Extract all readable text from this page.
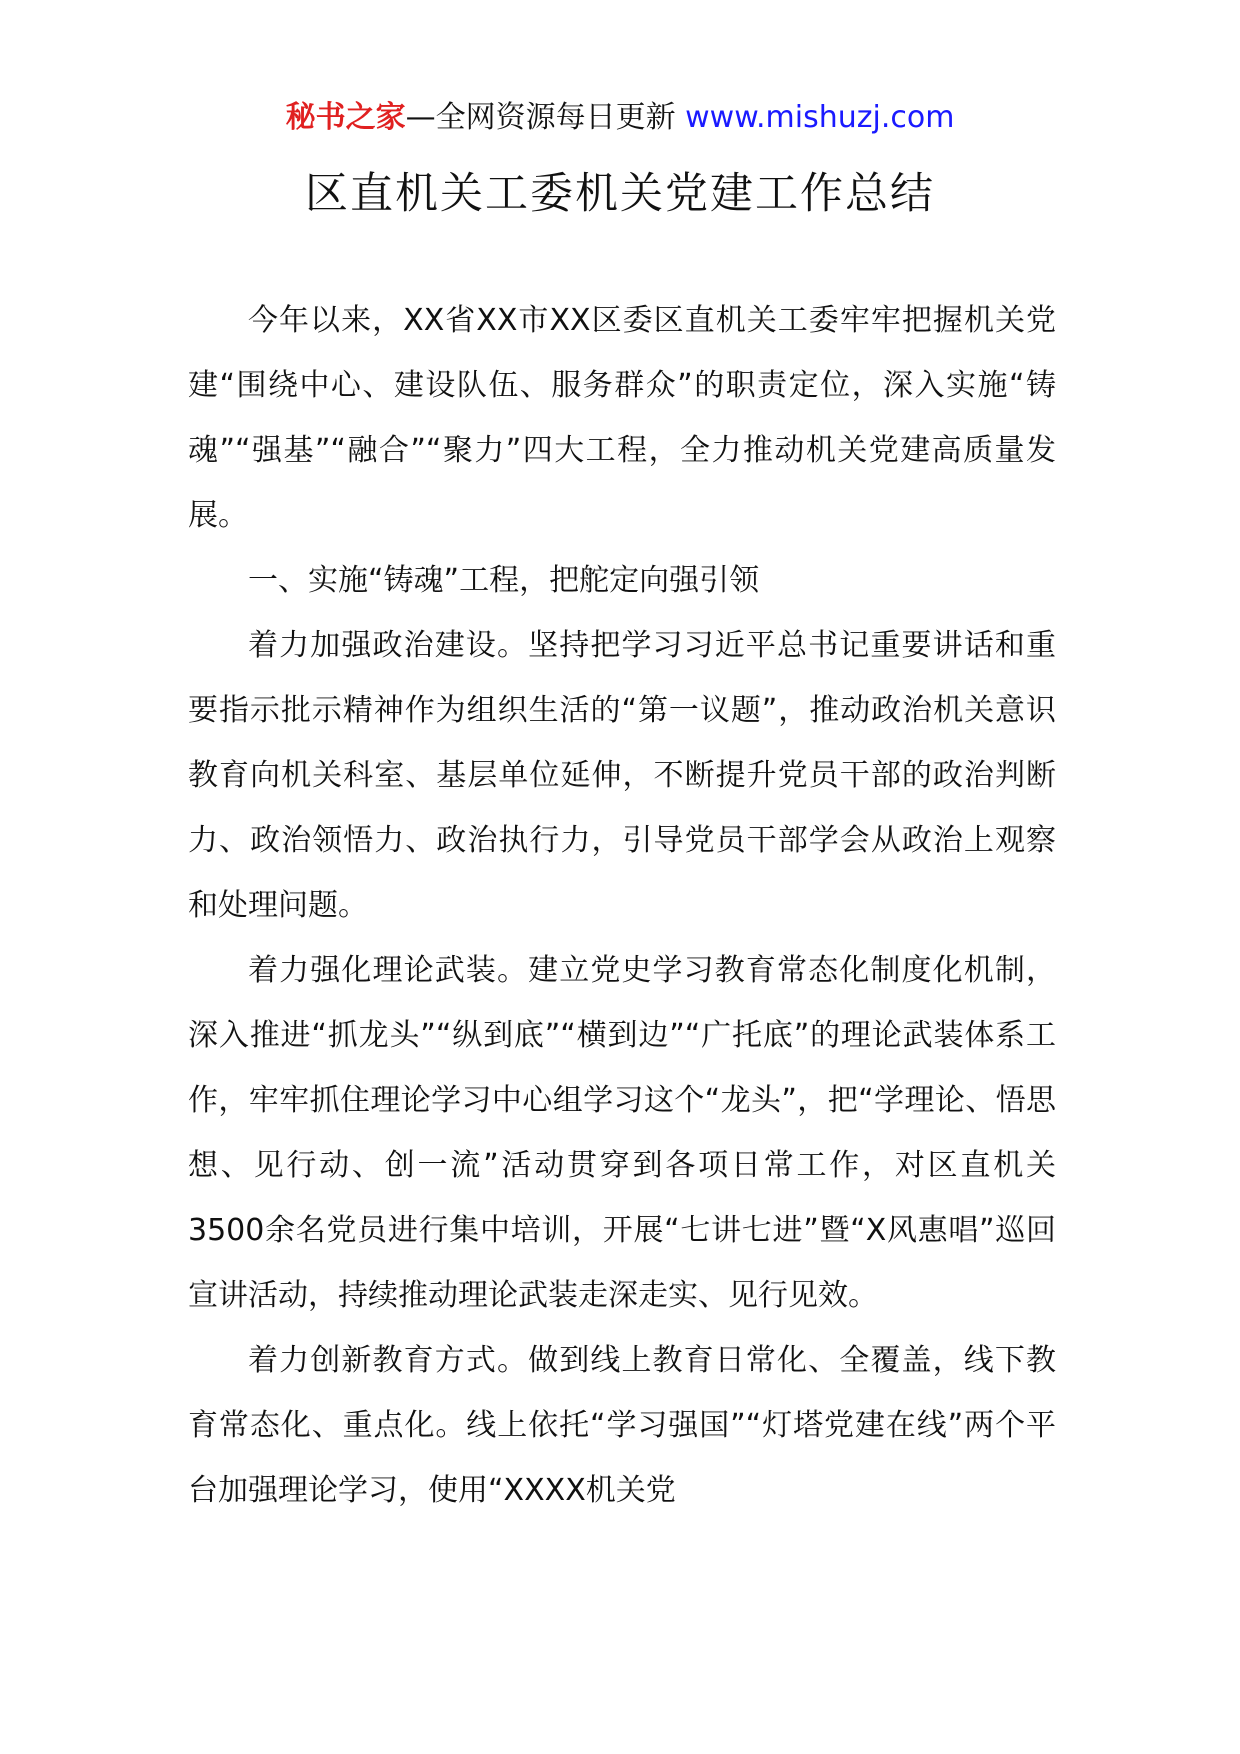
秘书之家—全网资源每日更新 www.mishuzj.com
区直机关工委机关党建工作总结

今年以来，XX省XX市XX区委区直机关工委牢牢把握机关党建“围绕中心、建设队伍、服务群众”的职责定位，深入实施“铸魂”“强基”“融合”“聚力”四大工程，全力推动机关党建高质量发展。

一、实施“铸魂”工程，把舵定向强引领

着力加强政治建设。坚持把学习习近平总书记重要讲话和重要指示批示精神作为组织生活的“第一议题”，推动政治机关意识教育向机关科室、基层单位延伸，不断提升党员干部的政治判断力、政治领悟力、政治执行力，引导党员干部学会从政治上观察和处理问题。

着力强化理论武装。建立党史学习教育常态化制度化机制，深入推进“抓龙头”“纵到底”“横到边”“广托底”的理论武装体系工作，牢牢抓住理论学习中心组学习这个“龙头”，把“学理论、悟思想、见行动、创一流”活动贯穿到各项日常工作，对区直机关3500余名党员进行集中培训，开展“七讲七进”暨“X风惠唱”巡回宣讲活动，持续推动理论武装走深走实、见行见效。

着力创新教育方式。做到线上教育日常化、全覆盖，线下教育常态化、重点化。线上依托“学习强国”“灯塔党建在线”两个平台加强理论学习，使用“XXXX机关党
